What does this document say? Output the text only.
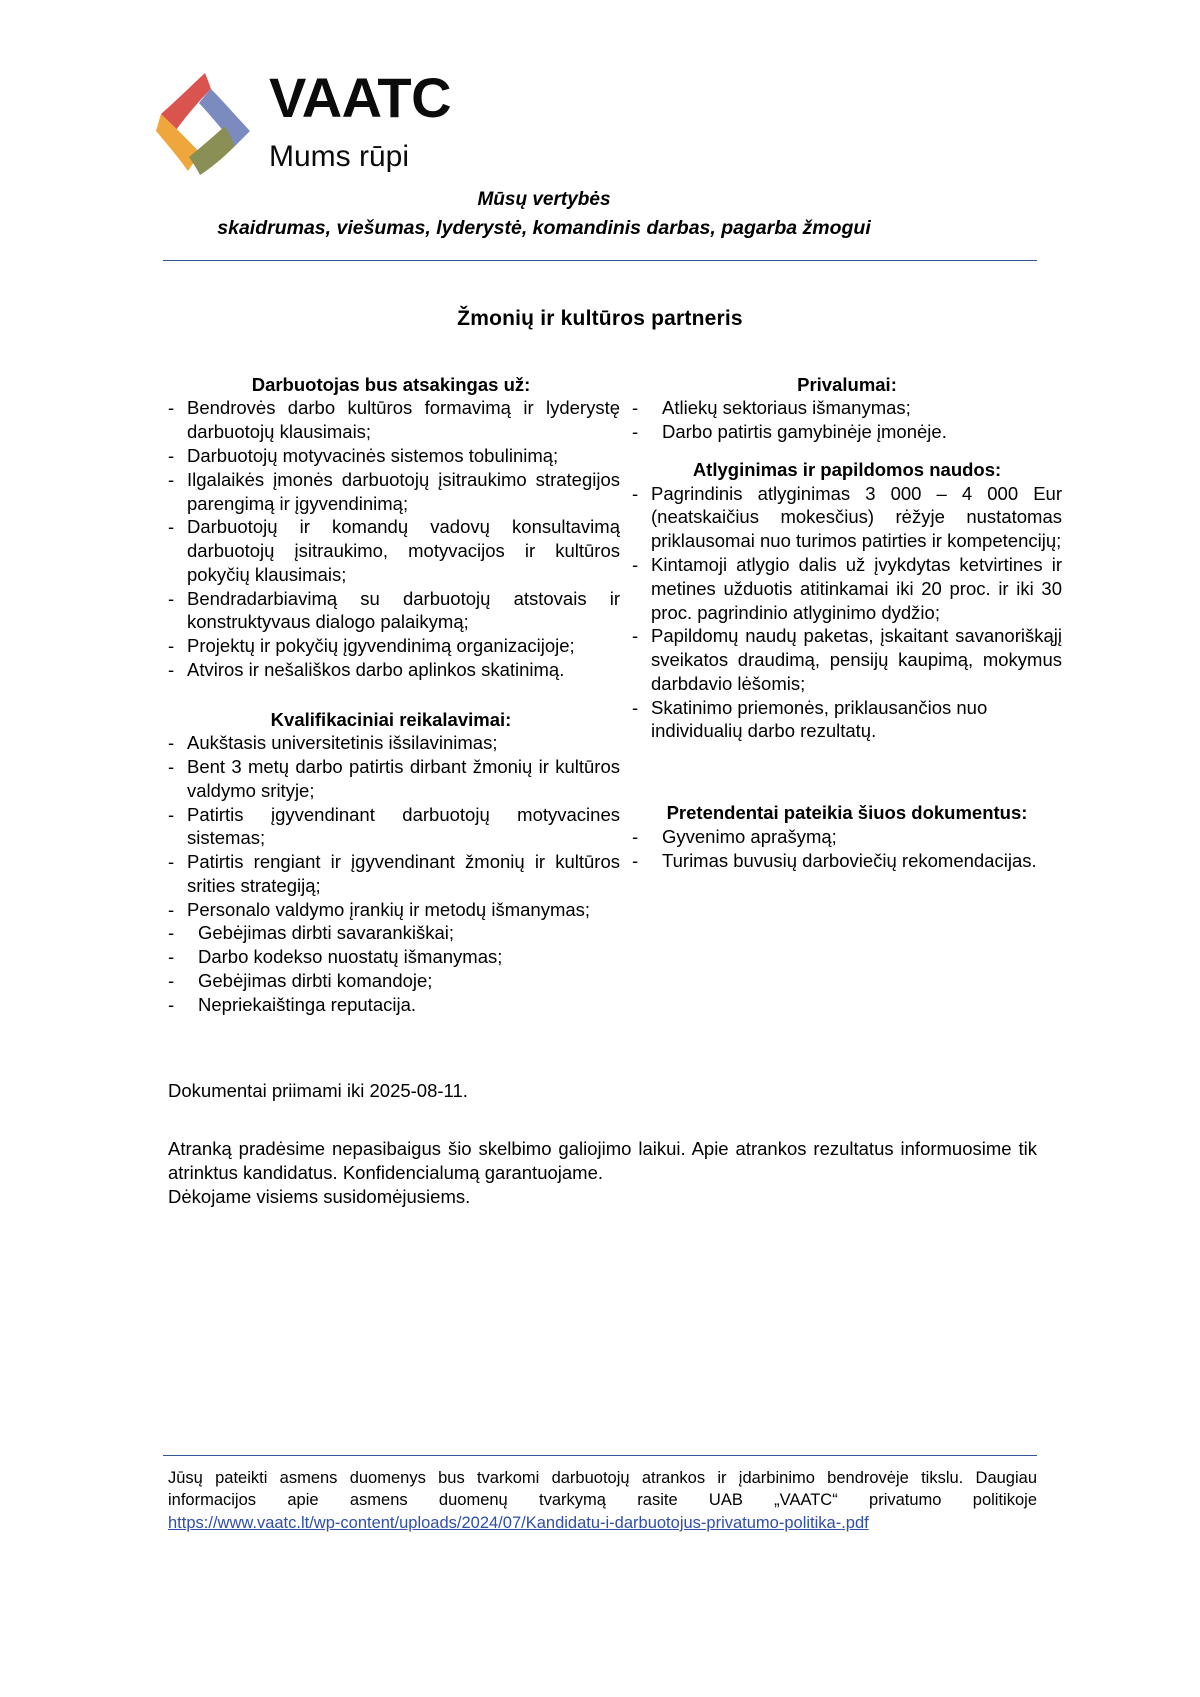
VAATC
Mums rūpi
Mūsų vertybės
skaidrumas, viešumas, lyderystė, komandinis darbas, pagarba žmogui
Žmonių ir kultūros partneris
Darbuotojas bus atsakingas už:
- Bendrovės darbo kultūros formavimą ir lyderystę darbuotojų klausimais;
- Darbuotojų motyvacinės sistemos tobulinimą;
- Ilgalaikės įmonės darbuotojų įsitraukimo strategijos parengimą ir įgyvendinimą;
- Darbuotojų ir komandų vadovų konsultavimą darbuotojų įsitraukimo, motyvacijos ir kultūros pokyčių klausimais;
- Bendradarbiavimą su darbuotojų atstovais ir konstruktyvaus dialogo palaikymą;
- Projektų ir pokyčių įgyvendinimą organizacijoje;
- Atviros ir nešališkos darbo aplinkos skatinimą.
Kvalifikaciniai reikalavimai:
- Aukštasis universitetinis išsilavinimas;
- Bent 3 metų darbo patirtis dirbant žmonių ir kultūros valdymo srityje;
- Patirtis įgyvendinant darbuotojų motyvacines sistemas;
- Patirtis rengiant ir įgyvendinant žmonių ir kultūros srities strategiją;
- Personalo valdymo įrankių ir metodų išmanymas;
- Gebėjimas dirbti savarankiškai;
- Darbo kodekso nuostatų išmanymas;
- Gebėjimas dirbti komandoje;
- Nepriekaištinga reputacija.
Privalumai:
- Atliekų sektoriaus išmanymas;
- Darbo patirtis gamybinėje įmonėje.
Atlyginimas ir papildomos naudos:
- Pagrindinis atlyginimas 3 000 – 4 000 Eur (neatskaičius mokesčius) rėžyje nustatomas priklausomai nuo turimos patirties ir kompetencijų;
- Kintamoji atlygio dalis už įvykdytas ketvirtines ir metines užduotis atitinkamai iki 20 proc. ir iki 30 proc. pagrindinio atlyginimo dydžio;
- Papildomų naudų paketas, įskaitant savanoriškąjį sveikatos draudimą, pensijų kaupimą, mokymus darbdavio lėšomis;
- Skatinimo priemonės, priklausančios nuo individualių darbo rezultatų.
Pretendentai pateikia šiuos dokumentus:
- Gyvenimo aprašymą;
- Turimas buvusių darboviečių rekomendacijas.

Dokumentai priimami iki 2025-08-11.

Atranką pradėsime nepasibaigus šio skelbimo galiojimo laikui. Apie atrankos rezultatus informuosime tik atrinktus kandidatus. Konfidencialumą garantuojame.

Dėkojame visiems susidomėjusiems.

Jūsų pateikti asmens duomenys bus tvarkomi darbuotojų atrankos ir įdarbinimo bendrovėje tikslu. Daugiau informacijos apie asmens duomenų tvarkymą rasite UAB „VAATC“ privatumo politikoje https://www.vaatc.lt/wp-content/uploads/2024/07/Kandidatu-i-darbuotojus-privatumo-politika-.pdf
